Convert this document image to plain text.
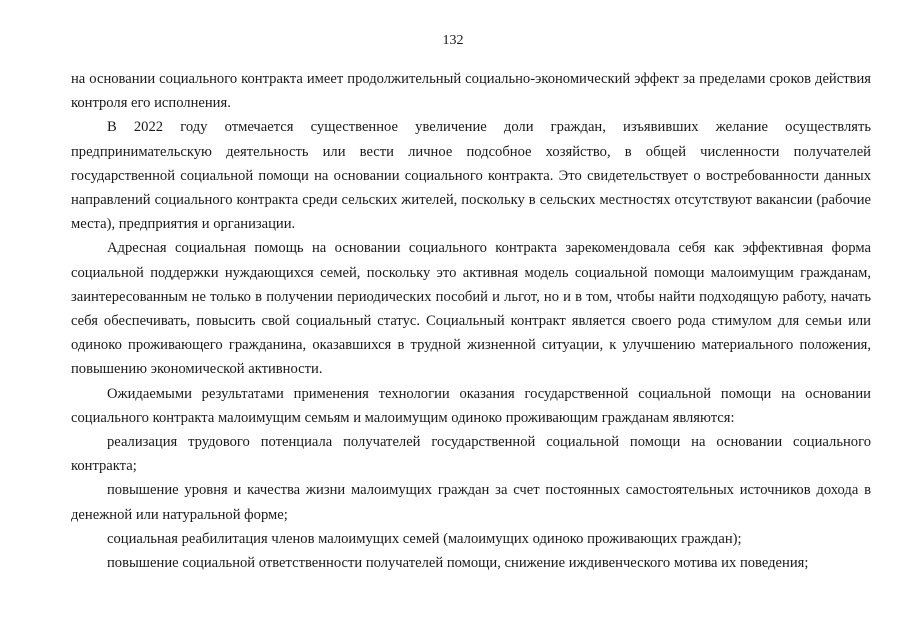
132

на основании социального контракта имеет продолжительный социально-экономический эффект за пределами сроков действия контроля его исполнения.

В 2022 году отмечается существенное увеличение доли граждан, изъявивших желание осуществлять предпринимательскую деятельность или вести личное подсобное хозяйство, в общей численности получателей государственной социальной помощи на основании социального контракта. Это свидетельствует о востребованности данных направлений социального контракта среди сельских жителей, поскольку в сельских местностях отсутствуют вакансии (рабочие места), предприятия и организации.

Адресная социальная помощь на основании социального контракта зарекомендовала себя как эффективная форма социальной поддержки нуждающихся семей, поскольку это активная модель социальной помощи малоимущим гражданам, заинтересованным не только в получении периодических пособий и льгот, но и в том, чтобы найти подходящую работу, начать себя обеспечивать, повысить свой социальный статус. Социальный контракт является своего рода стимулом для семьи или одиноко проживающего гражданина, оказавшихся в трудной жизненной ситуации, к улучшению материального положения, повышению экономической активности.

Ожидаемыми результатами применения технологии оказания государственной социальной помощи на основании социального контракта малоимущим семьям и малоимущим одиноко проживающим гражданам являются:

реализация трудового потенциала получателей государственной социальной помощи на основании социального контракта;

повышение уровня и качества жизни малоимущих граждан за счет постоянных самостоятельных источников дохода в денежной или натуральной форме;

социальная реабилитация членов малоимущих семей (малоимущих одиноко проживающих граждан);

повышение социальной ответственности получателей помощи, снижение иждивенческого мотива их поведения;
